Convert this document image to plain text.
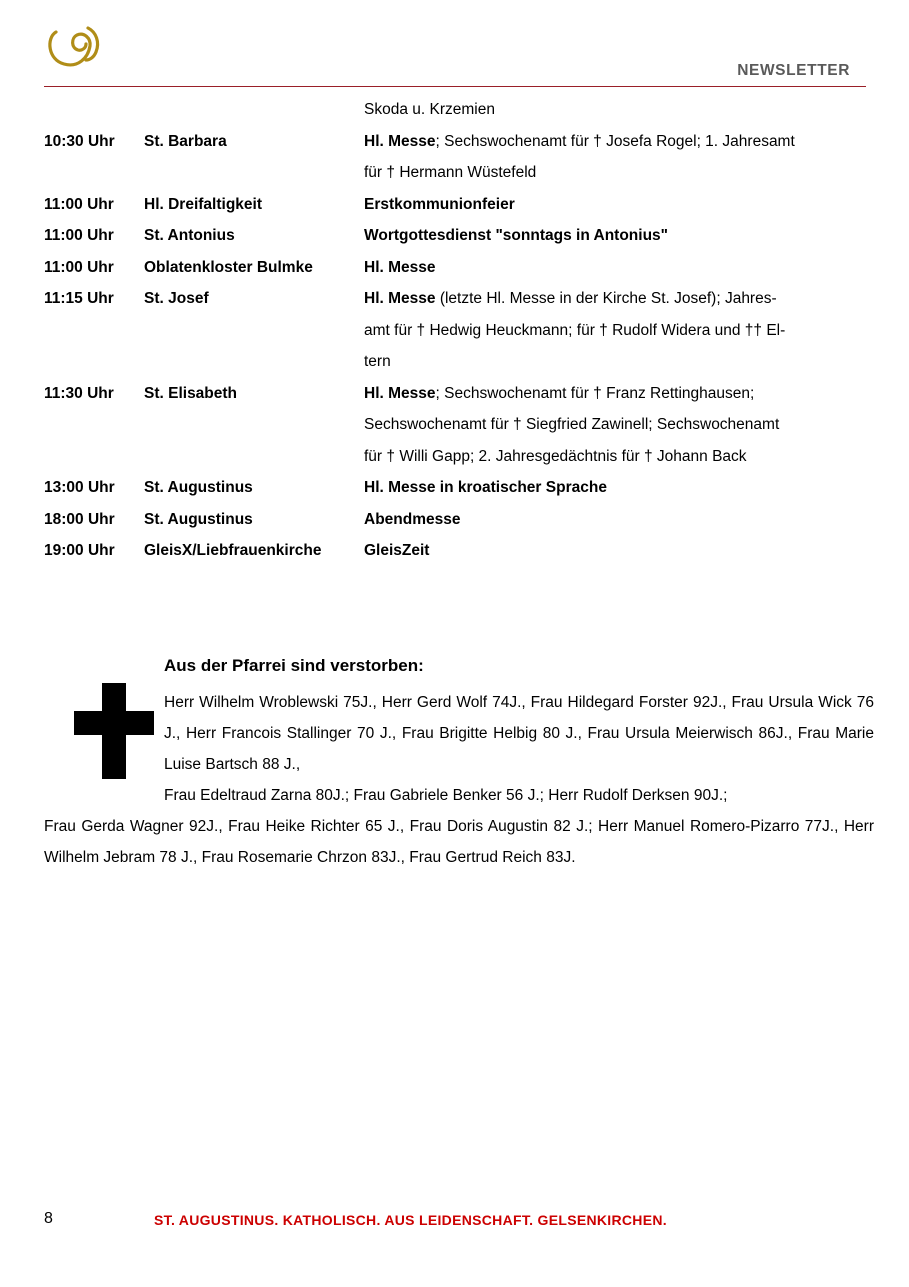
NEWSLETTER
Skoda u. Krzemien
10:30 Uhr	St. Barbara	Hl. Messe; Sechswochenamt für † Josefa Rogel; 1. Jahresamt
für † Hermann Wüstefeld
11:00 Uhr	Hl. Dreifaltigkeit	Erstkommunionfeier
11:00 Uhr	St. Antonius	Wortgottesdienst "sonntags in Antonius"
11:00 Uhr	Oblatenkloster Bulmke	Hl. Messe
11:15 Uhr	St. Josef	Hl. Messe (letzte Hl. Messe in der Kirche St. Josef); Jahres-
amt für † Hedwig Heuckmann; für † Rudolf Widera und †† El-
tern
11:30 Uhr	St. Elisabeth	Hl. Messe; Sechswochenamt für † Franz Rettinghausen;
Sechswochenamt für † Siegfried Zawinell; Sechswochenamt
für † Willi Gapp; 2. Jahresgedächtnis für † Johann Back
13:00 Uhr	St. Augustinus	Hl. Messe in kroatischer Sprache
18:00 Uhr	St. Augustinus	Abendmesse
19:00 Uhr	GleisX/Liebfrauenkirche	GleisZeit
Aus der Pfarrei sind verstorben:
Herr Wilhelm Wroblewski 75J., Herr Gerd Wolf 74J., Frau Hildegard Forster 92J., Frau Ursula Wick 76 J., Herr Francois Stallinger 70 J., Frau Brigitte Helbig 80 J., Frau Ursula Meierwisch 86J., Frau Marie Luise Bartsch 88 J.,
Frau Edeltraud Zarna 80J.; Frau Gabriele Benker 56 J.; Herr Rudolf Derksen 90J.;
Frau Gerda Wagner 92J., Frau Heike Richter 65 J., Frau Doris Augustin 82 J.; Herr Manuel Romero-Pizarro 77J., Herr Wilhelm Jebram 78 J., Frau Rosemarie Chrzon 83J., Frau Gertrud Reich 83J.
8	ST. AUGUSTINUS. KATHOLISCH. AUS LEIDENSCHAFT. GELSENKIRCHEN.
